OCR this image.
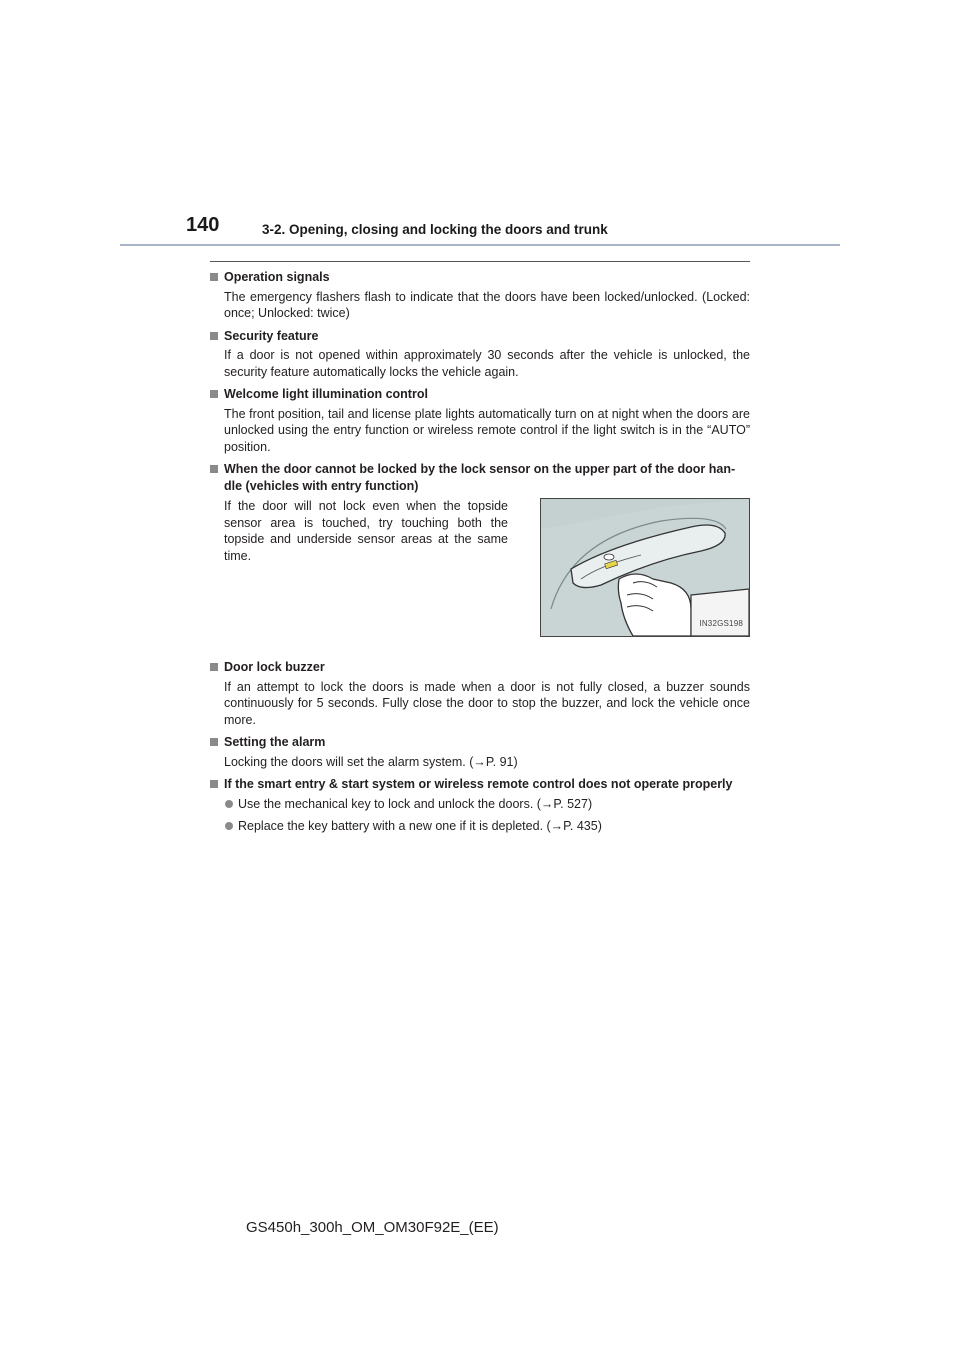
140	3-2. Opening, closing and locking the doors and trunk
Operation signals
The emergency flashers flash to indicate that the doors have been locked/unlocked. (Locked: once; Unlocked: twice)
Security feature
If a door is not opened within approximately 30 seconds after the vehicle is unlocked, the security feature automatically locks the vehicle again.
Welcome light illumination control
The front position, tail and license plate lights automatically turn on at night when the doors are unlocked using the entry function or wireless remote control if the light switch is in the “AUTO” position.
When the door cannot be locked by the lock sensor on the upper part of the door han-dle (vehicles with entry function)
If the door will not lock even when the topside sensor area is touched, try touching both the topside and underside sensor areas at the same time.
IN32GS198
Door lock buzzer
If an attempt to lock the doors is made when a door is not fully closed, a buzzer sounds continuously for 5 seconds. Fully close the door to stop the buzzer, and lock the vehicle once more.
Setting the alarm
Locking the doors will set the alarm system. (→P. 91)
If the smart entry & start system or wireless remote control does not operate properly
Use the mechanical key to lock and unlock the doors. (→P. 527)
Replace the key battery with a new one if it is depleted. (→P. 435)
GS450h_300h_OM_OM30F92E_(EE)
